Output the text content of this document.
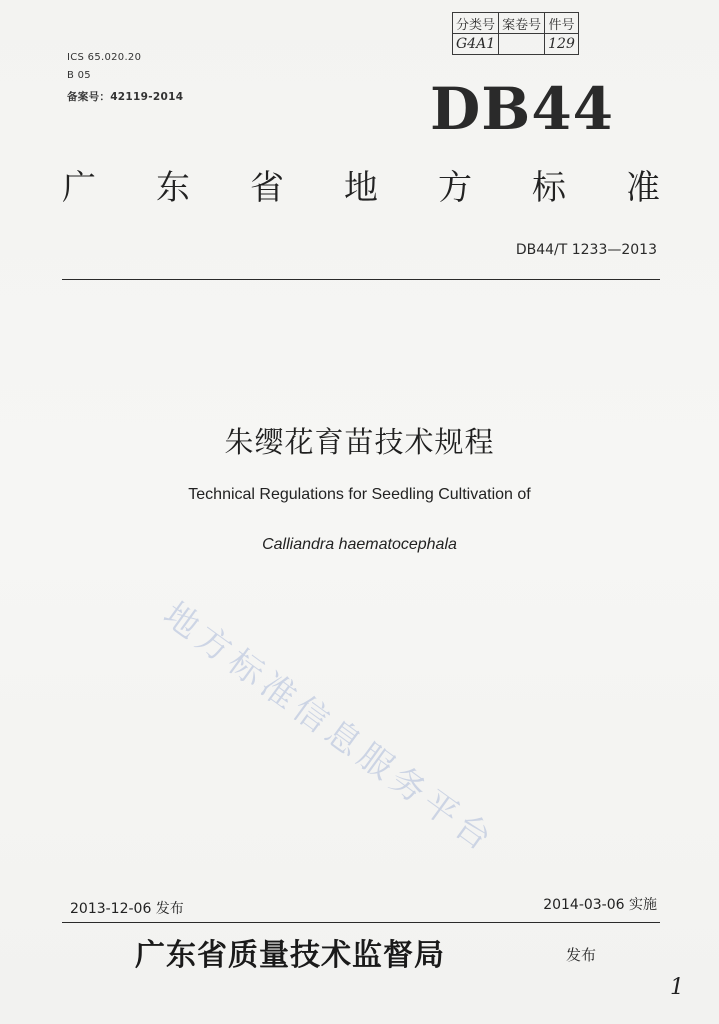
分类号	案卷号	件号
G4A1		129
ICS 65.020.20
B 05
备案号：42119-2014	DB44
广 东 省 地 方 标 准
DB44/T 1233—2013
朱缨花育苗技术规程
Technical Regulations for Seedling Cultivation of
Calliandra haematocephala
地方标准信息服务平台
2013-12-06 发布	2014-03-06 实施
广东省质量技术监督局	发布
1
